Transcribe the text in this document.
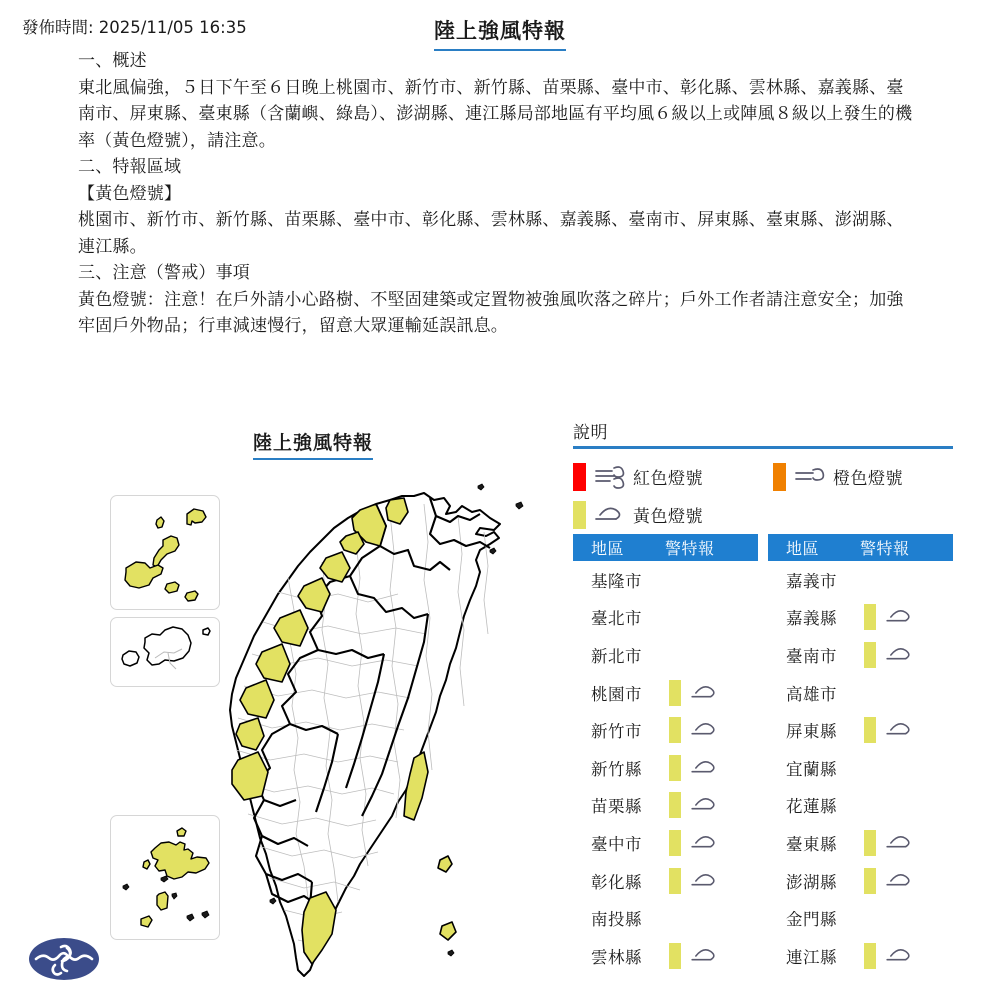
發佈時間: 2025/11/05 16:35	陸上強風特報

一、概述

東北風偏強，５日下午至６日晚上桃園市、新竹市、新竹縣、苗栗縣、臺中市、彰化縣、雲林縣、嘉義縣、臺南市、屏東縣、臺東縣（含蘭嶼、綠島）、澎湖縣、連江縣局部地區有平均風６級以上或陣風８級以上發生的機率（黃色燈號），請注意。

二、特報區域

【黃色燈號】

桃園市、新竹市、新竹縣、苗栗縣、臺中市、彰化縣、雲林縣、嘉義縣、臺南市、屏東縣、臺東縣、澎湖縣、連江縣。

三、注意（警戒）事項

黃色燈號：注意！在戶外請小心路樹、不堅固建築或定置物被強風吹落之碎片；戶外工作者請注意安全；加強牢固戶外物品；行車減速慢行，留意大眾運輸延誤訊息。

陸上強風特報	說明
紅色燈號	橙色燈號
黃色燈號
地區	警特報
基隆市
臺北市
新北市
桃園市
新竹市
新竹縣
苗栗縣
臺中市
彰化縣
南投縣
雲林縣
地區	警特報
嘉義市
嘉義縣
臺南市
高雄市
屏東縣
宜蘭縣
花蓮縣
臺東縣
澎湖縣
金門縣
連江縣
